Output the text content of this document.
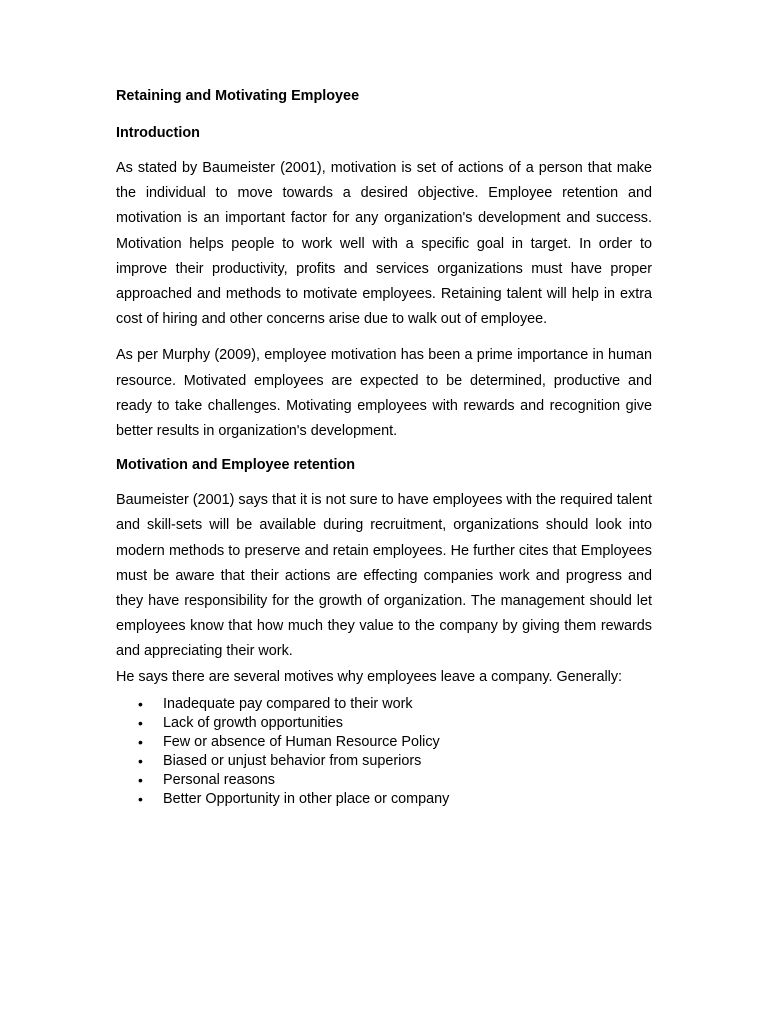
Retaining and Motivating Employee

Introduction

As stated by Baumeister (2001), motivation is set of actions of a person that make the individual to move towards a desired objective. Employee retention and motivation is an important factor for any organization's development and success. Motivation helps people to work well with a specific goal in target. In order to improve their productivity, profits and services organizations must have proper approached and methods to motivate employees. Retaining talent will help in extra cost of hiring and other concerns arise due to walk out of employee.

As per Murphy (2009), employee motivation has been a prime importance in human resource. Motivated employees are expected to be determined, productive and ready to take challenges. Motivating employees with rewards and recognition give better results in organization's development.

Motivation and Employee retention

Baumeister (2001) says that it is not sure to have employees with the required talent and skill-sets will be available during recruitment, organizations should look into modern methods to preserve and retain employees. He further cites that Employees must be aware that their actions are effecting companies work and progress and they have responsibility for the growth of organization. The management should let employees know that how much they value to the company by giving them rewards and appreciating their work.

He says there are several motives why employees leave a company. Generally:

•	Inadequate pay compared to their work
•	Lack of growth opportunities
•	Few or absence of Human Resource Policy
•	Biased or unjust behavior from superiors
•	Personal reasons
•	Better Opportunity in other place or company
